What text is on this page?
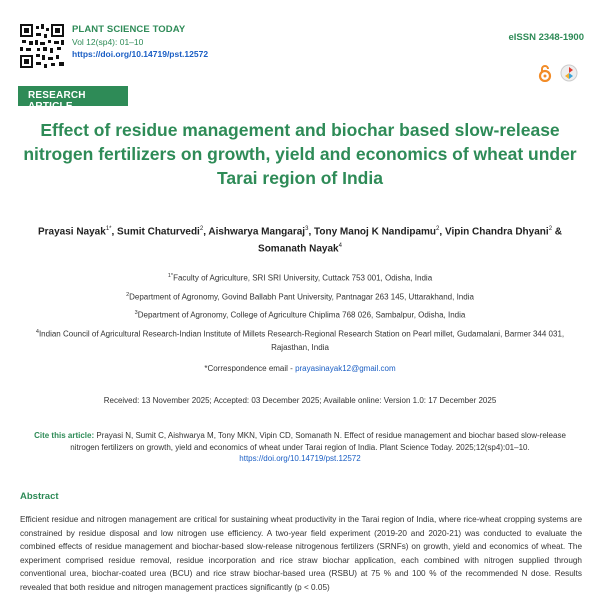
PLANT SCIENCE TODAY
Vol 12(sp4): 01–10
https://doi.org/10.14719/pst.12572
eISSN 2348-1900
RESEARCH ARTICLE
Effect of residue management and biochar based slow-release nitrogen fertilizers on growth, yield and economics of wheat under Tarai region of India
Prayasi Nayak$^{1*}$, Sumit Chaturvedi$^2$, Aishwarya Mangaraj$^3$, Tony Manoj K Nandipamu$^2$, Vipin Chandra Dhyani$^2$ &
Somanath Nayak$^4$
$^{1*}$Faculty of Agriculture, SRI SRI University, Cuttack 753 001, Odisha, India
$^2$Department of Agronomy, Govind Ballabh Pant University, Pantnagar 263 145, Uttarakhand, India
$^3$Department of Agronomy, College of Agriculture Chiplima 768 026, Sambalpur, Odisha, India
$^4$Indian Council of Agricultural Research-Indian Institute of Millets Research-Regional Research Station on Pearl millet, Gudamalani, Barmer 344 031, Rajasthan, India
*Correspondence email - prayasinayak12@gmail.com
Received: 13 November 2025; Accepted: 03 December 2025; Available online: Version 1.0: 17 December 2025
Cite this article: Prayasi N, Sumit C, Aishwarya M, Tony MKN, Vipin CD, Somanath N. Effect of residue management and biochar based slow-release nitrogen fertilizers on growth, yield and economics of wheat under Tarai region of India. Plant Science Today. 2025;12(sp4):01–10.
https://doi.org/10.14719/pst.12572
Abstract

Efficient residue and nitrogen management are critical for sustaining wheat productivity in the Tarai region of India, where rice-wheat cropping systems are constrained by residue disposal and low nitrogen use efficiency. A two-year field experiment (2019-20 and 2020-21) was conducted to evaluate the combined effects of residue management and biochar-based slow-release nitrogenous fertilizers (SRNFs) on growth, yield and economics of wheat. The experiment comprised residue removal, residue incorporation and rice straw biochar application, each combined with nitrogen supplied through conventional urea, biochar-coated urea (BCU) and rice straw biochar-based urea (RSBU) at 75 % and 100 % of the recommended N dose. Results revealed that both residue and nitrogen management practices significantly (p < 0.05)
